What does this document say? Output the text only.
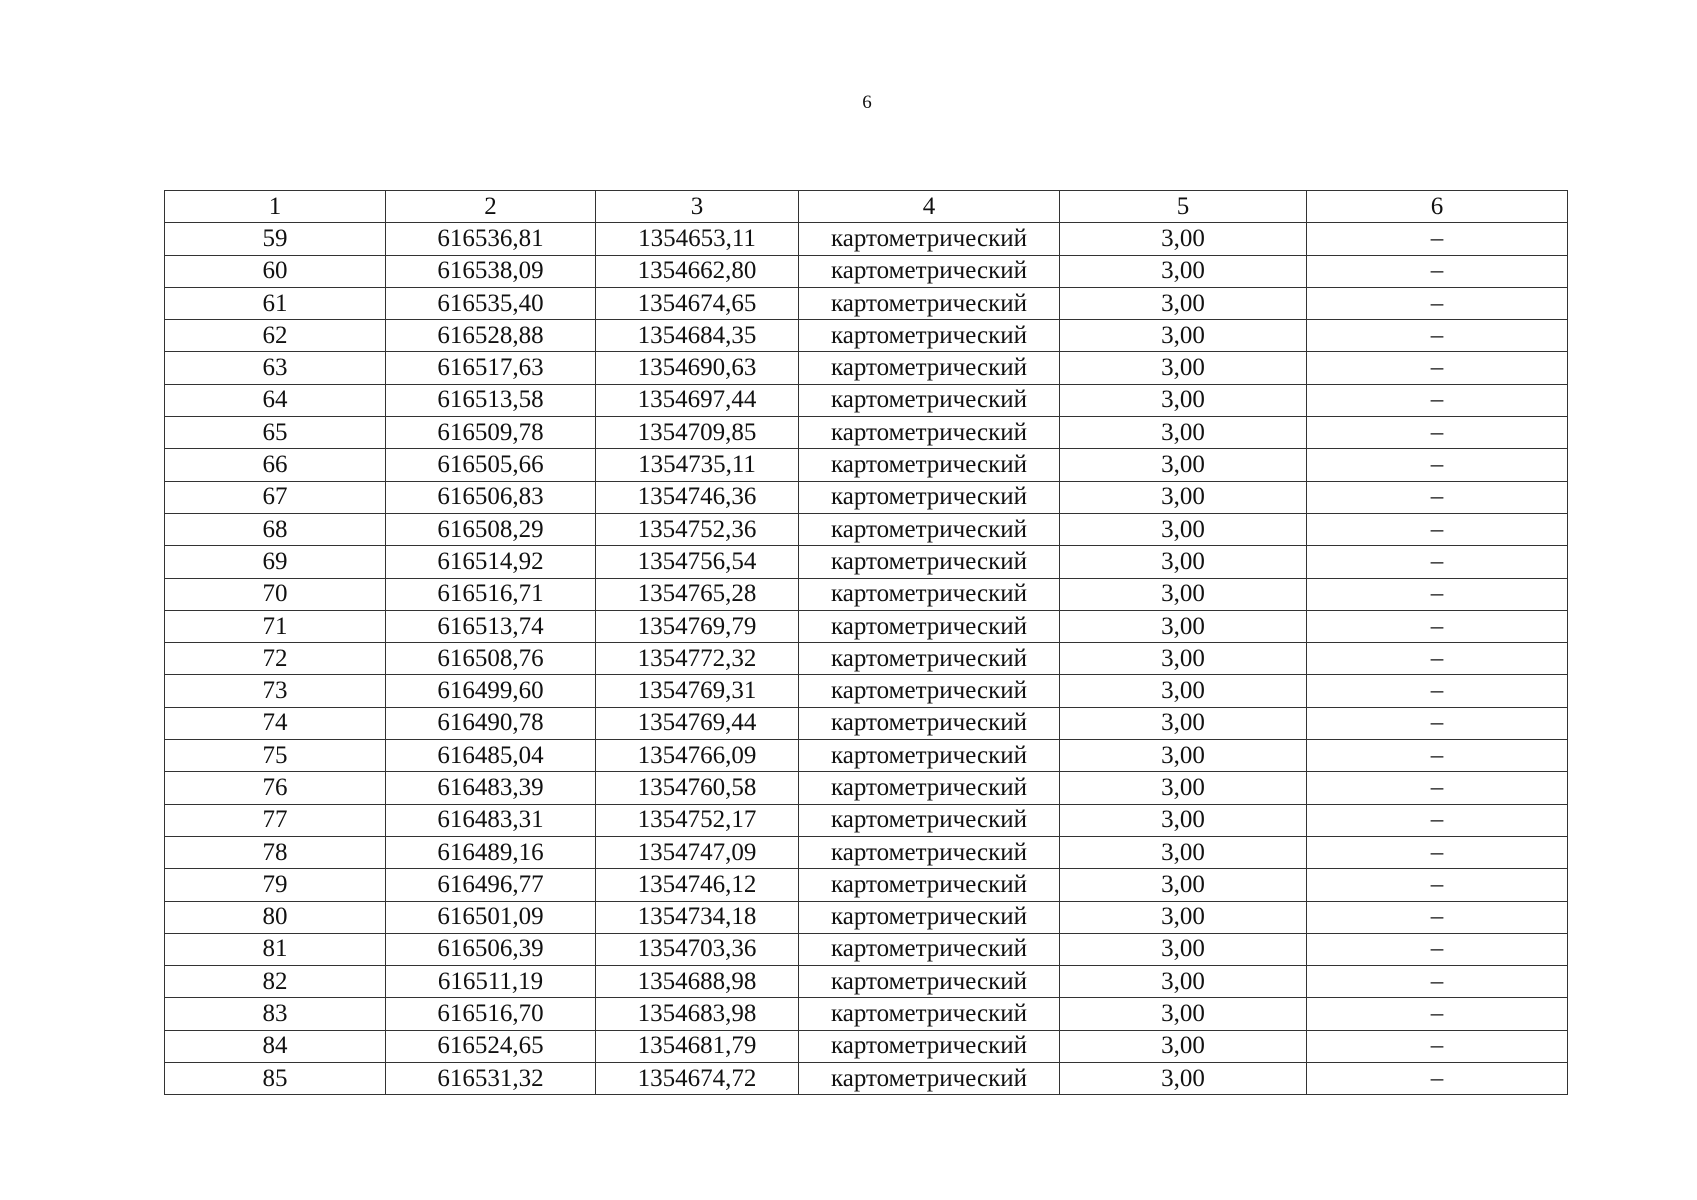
6
1	2	3	4	5	6
59	616536,81	1354653,11	картометрический	3,00	–
60	616538,09	1354662,80	картометрический	3,00	–
61	616535,40	1354674,65	картометрический	3,00	–
62	616528,88	1354684,35	картометрический	3,00	–
63	616517,63	1354690,63	картометрический	3,00	–
64	616513,58	1354697,44	картометрический	3,00	–
65	616509,78	1354709,85	картометрический	3,00	–
66	616505,66	1354735,11	картометрический	3,00	–
67	616506,83	1354746,36	картометрический	3,00	–
68	616508,29	1354752,36	картометрический	3,00	–
69	616514,92	1354756,54	картометрический	3,00	–
70	616516,71	1354765,28	картометрический	3,00	–
71	616513,74	1354769,79	картометрический	3,00	–
72	616508,76	1354772,32	картометрический	3,00	–
73	616499,60	1354769,31	картометрический	3,00	–
74	616490,78	1354769,44	картометрический	3,00	–
75	616485,04	1354766,09	картометрический	3,00	–
76	616483,39	1354760,58	картометрический	3,00	–
77	616483,31	1354752,17	картометрический	3,00	–
78	616489,16	1354747,09	картометрический	3,00	–
79	616496,77	1354746,12	картометрический	3,00	–
80	616501,09	1354734,18	картометрический	3,00	–
81	616506,39	1354703,36	картометрический	3,00	–
82	616511,19	1354688,98	картометрический	3,00	–
83	616516,70	1354683,98	картометрический	3,00	–
84	616524,65	1354681,79	картометрический	3,00	–
85	616531,32	1354674,72	картометрический	3,00	–
